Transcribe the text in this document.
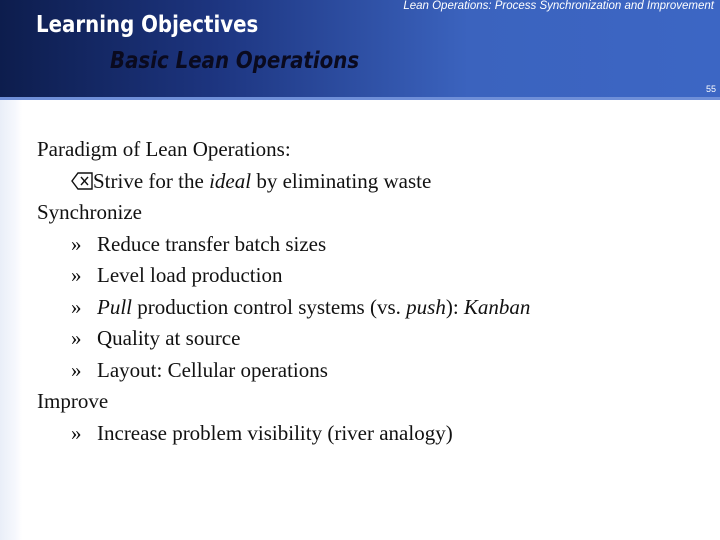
Lean Operations: Process Synchronization and Improvement
Learning Objectives
Basic Lean Operations
55
Paradigm of Lean Operations:
Strive for the ideal by eliminating waste
Synchronize
» Reduce transfer batch sizes
» Level load production
» Pull production control systems (vs. push): Kanban
» Quality at source
» Layout: Cellular operations
Improve
» Increase problem visibility (river analogy)
